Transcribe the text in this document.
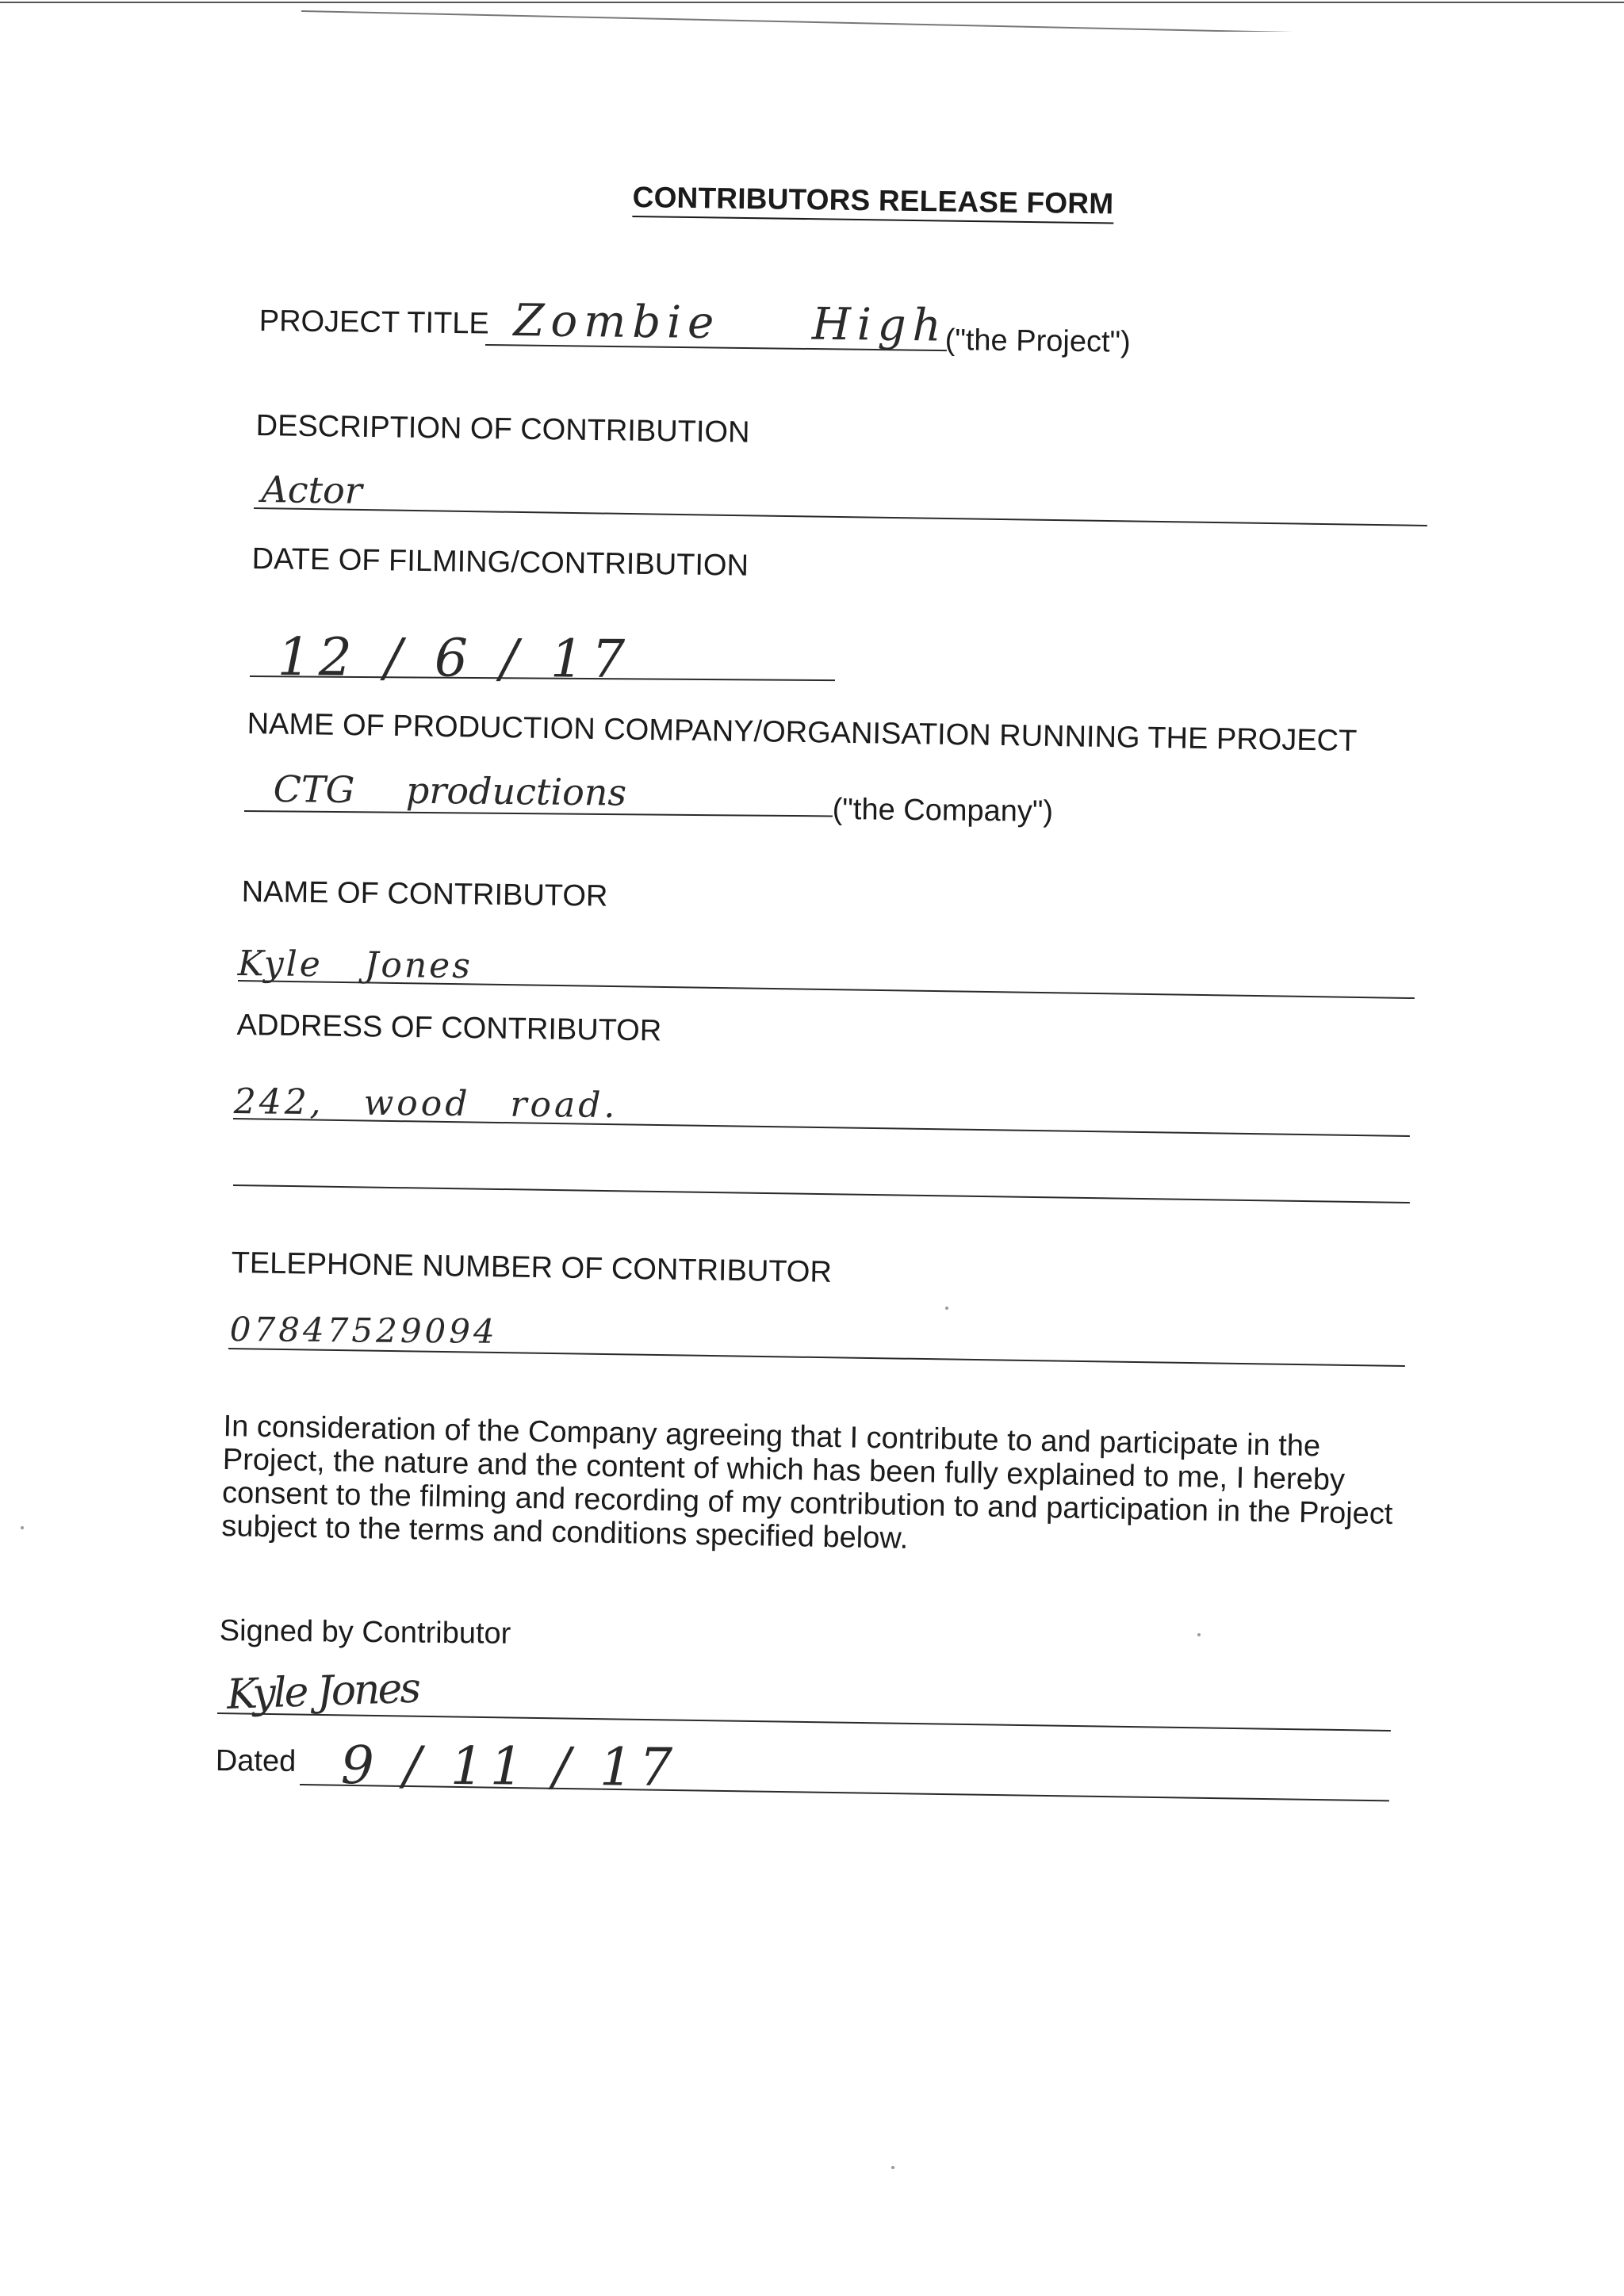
CONTRIBUTORS RELEASE FORM
PROJECT TITLE Zombie High
("the Project")
DESCRIPTION OF CONTRIBUTION
Actor
DATE OF FILMING/CONTRIBUTION
12 / 6 / 17
NAME OF PRODUCTION COMPANY/ORGANISATION RUNNING THE PROJECT
CTG productions	("the Company")
NAME OF CONTRIBUTOR
Kyle Jones
ADDRESS OF CONTRIBUTOR
242, wood road.
TELEPHONE NUMBER OF CONTRIBUTOR
07847529094
In consideration of the Company agreeing that I contribute to and participate in the Project, the nature and the content of which has been fully explained to me, I hereby consent to the filming and recording of my contribution to and participation in the Project subject to the terms and conditions specified below.
Signed by Contributor
Kyle Jones
Dated 9 / 11 / 17
